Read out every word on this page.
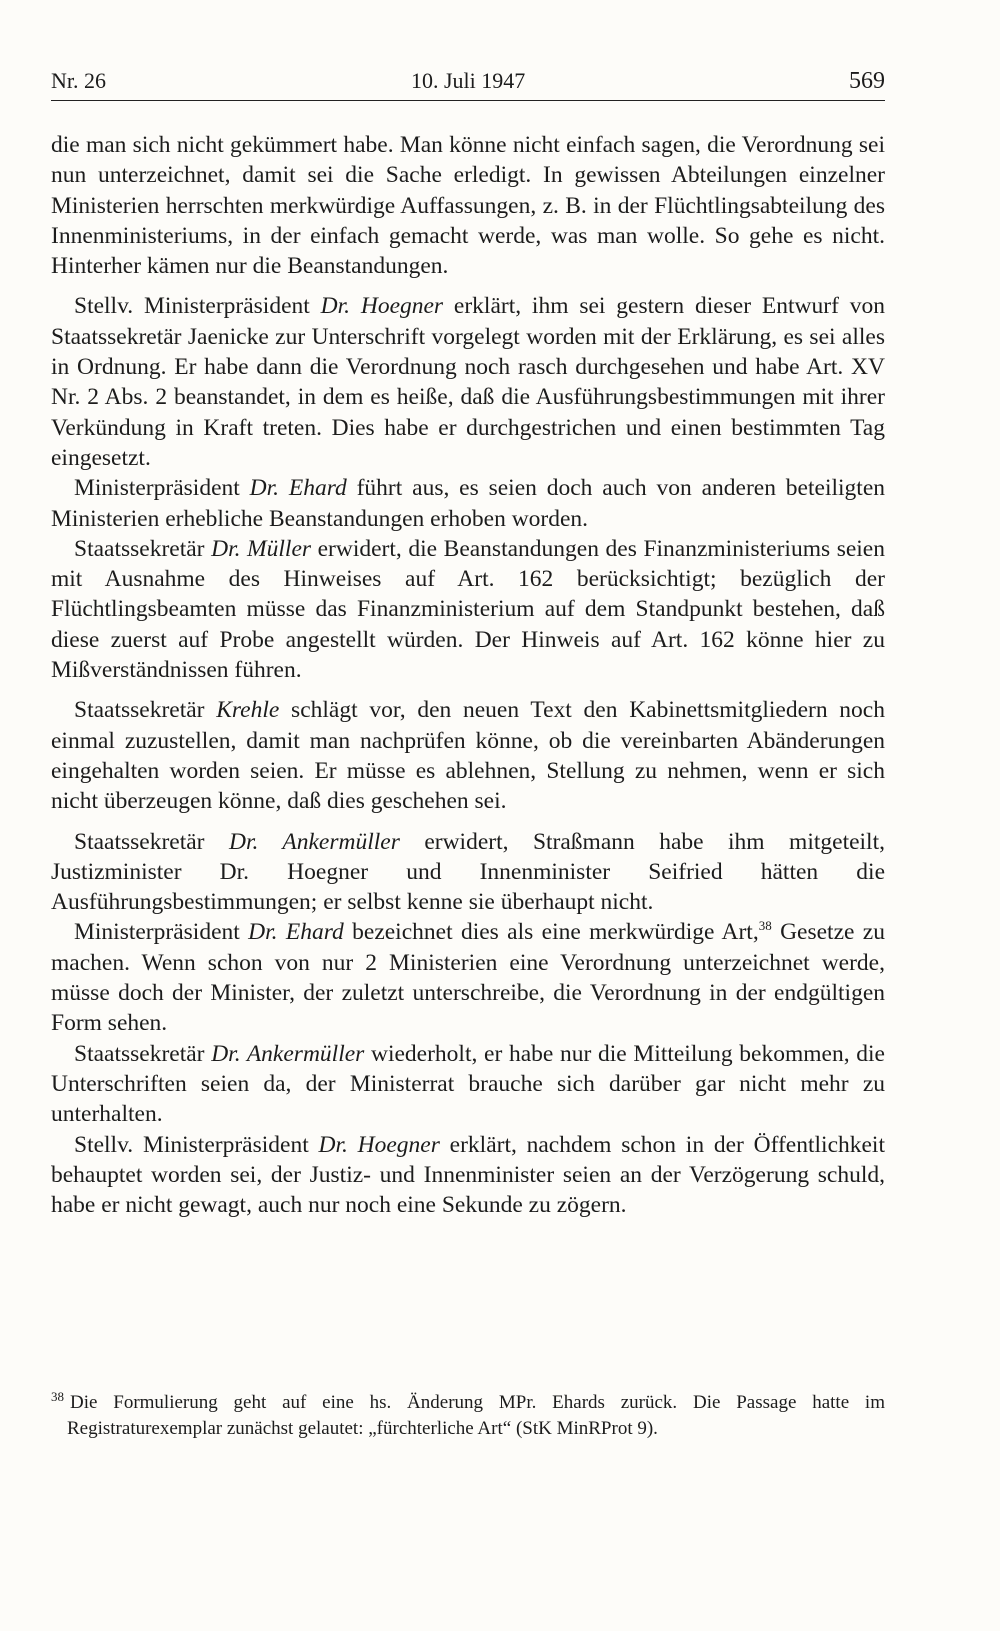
Nr. 26	10. Juli 1947	569

die man sich nicht gekümmert habe. Man könne nicht einfach sagen, die Verordnung sei nun unterzeichnet, damit sei die Sache erledigt. In gewissen Abteilungen einzelner Ministerien herrschten merkwürdige Auffassungen, z. B. in der Flüchtlingsabteilung des Innenministeriums, in der einfach gemacht werde, was man wolle. So gehe es nicht. Hinterher kämen nur die Beanstandungen.

Stellv. Ministerpräsident Dr. Hoegner erklärt, ihm sei gestern dieser Entwurf von Staatssekretär Jaenicke zur Unterschrift vorgelegt worden mit der Erklärung, es sei alles in Ordnung. Er habe dann die Verordnung noch rasch durchgesehen und habe Art. XV Nr. 2 Abs. 2 beanstandet, in dem es heiße, daß die Ausführungsbestimmungen mit ihrer Verkündung in Kraft treten. Dies habe er durchgestrichen und einen bestimmten Tag eingesetzt.

Ministerpräsident Dr. Ehard führt aus, es seien doch auch von anderen beteiligten Ministerien erhebliche Beanstandungen erhoben worden.

Staatssekretär Dr. Müller erwidert, die Beanstandungen des Finanzministeriums seien mit Ausnahme des Hinweises auf Art. 162 berücksichtigt; bezüglich der Flüchtlingsbeamten müsse das Finanzministerium auf dem Standpunkt bestehen, daß diese zuerst auf Probe angestellt würden. Der Hinweis auf Art. 162 könne hier zu Mißverständnissen führen.

Staatssekretär Krehle schlägt vor, den neuen Text den Kabinettsmitgliedern noch einmal zuzustellen, damit man nachprüfen könne, ob die vereinbarten Abänderungen eingehalten worden seien. Er müsse es ablehnen, Stellung zu nehmen, wenn er sich nicht überzeugen könne, daß dies geschehen sei.

Staatssekretär Dr. Ankermüller erwidert, Straßmann habe ihm mitgeteilt, Justizminister Dr. Hoegner und Innenminister Seifried hätten die Ausführungsbestimmungen; er selbst kenne sie überhaupt nicht.

Ministerpräsident Dr. Ehard bezeichnet dies als eine merkwürdige Art,$^{38}$ Gesetze zu machen. Wenn schon von nur 2 Ministerien eine Verordnung unterzeichnet werde, müsse doch der Minister, der zuletzt unterschreibe, die Verordnung in der endgültigen Form sehen.

Staatssekretär Dr. Ankermüller wiederholt, er habe nur die Mitteilung bekommen, die Unterschriften seien da, der Ministerrat brauche sich darüber gar nicht mehr zu unterhalten.

Stellv. Ministerpräsident Dr. Hoegner erklärt, nachdem schon in der Öffentlichkeit behauptet worden sei, der Justiz- und Innenminister seien an der Verzögerung schuld, habe er nicht gewagt, auch nur noch eine Sekunde zu zögern.

$^{38}$ Die Formulierung geht auf eine hs. Änderung MPr. Ehards zurück. Die Passage hatte im Registraturexemplar zunächst gelautet: „fürchterliche Art“ (StK MinRProt 9).
